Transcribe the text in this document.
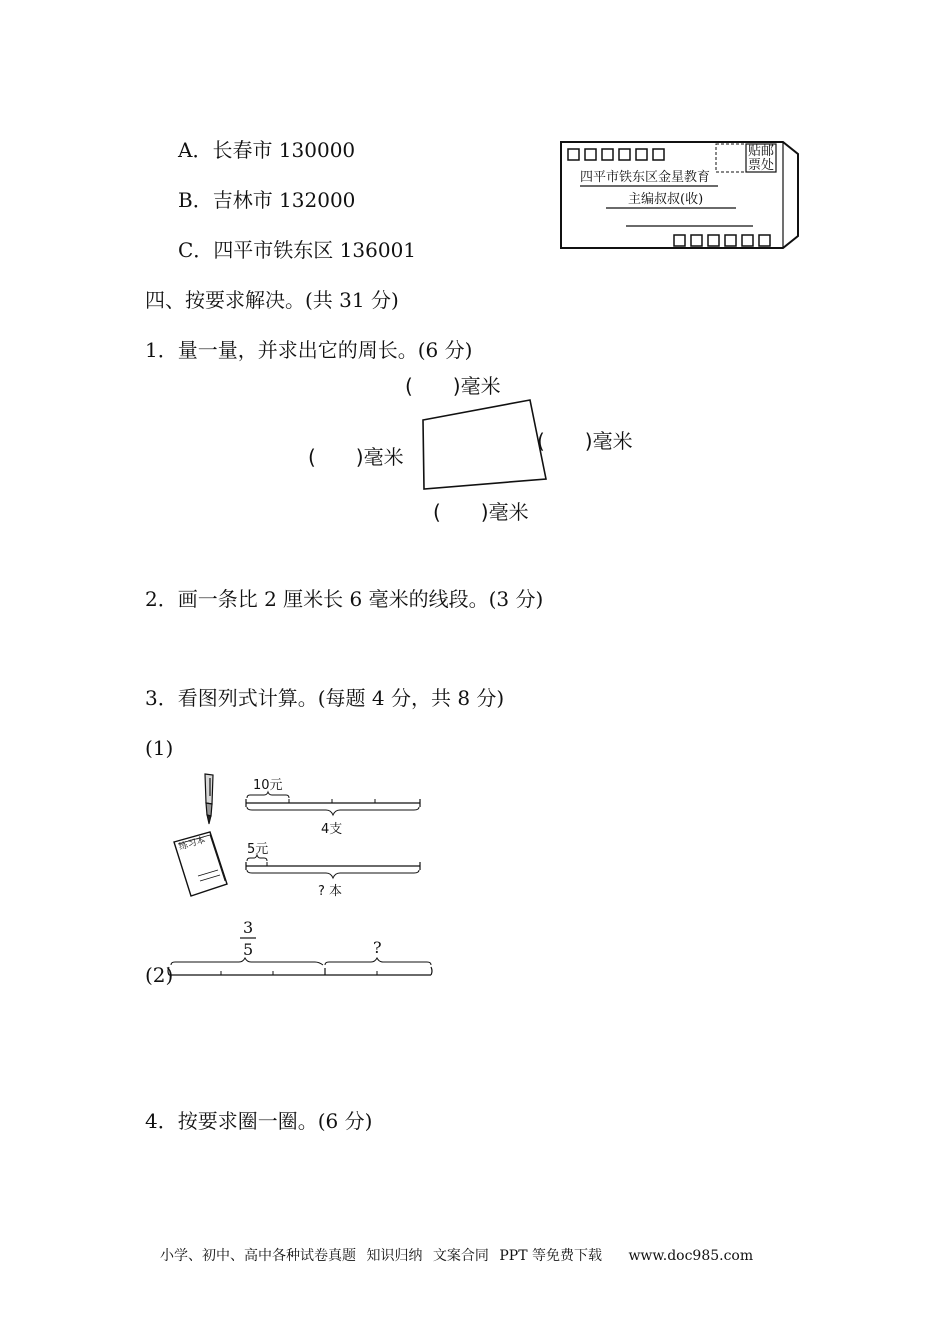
A．长春市 130000
B．吉林市 132000
C．四平市铁东区 136001
贴邮
票处
四平市铁东区金星教育
主编叔叔(收)
四、按要求解决。(共 31 分)
1．量一量，并求出它的周长。(6 分)
(　　)毫米
(　　)毫米
(　　)毫米
(　　)毫米
2．画一条比 2 厘米长 6 毫米的线段。(3 分)
3．看图列式计算。(每题 4 分，共 8 分)
(1)
10元
4支
练习本	5元
? 本
(2)
3
5	?
4．按要求圈一圈。(6 分)
小学、初中、高中各种试卷真题 知识归纳 文案合同 PPT 等免费下载 www.doc985.com
